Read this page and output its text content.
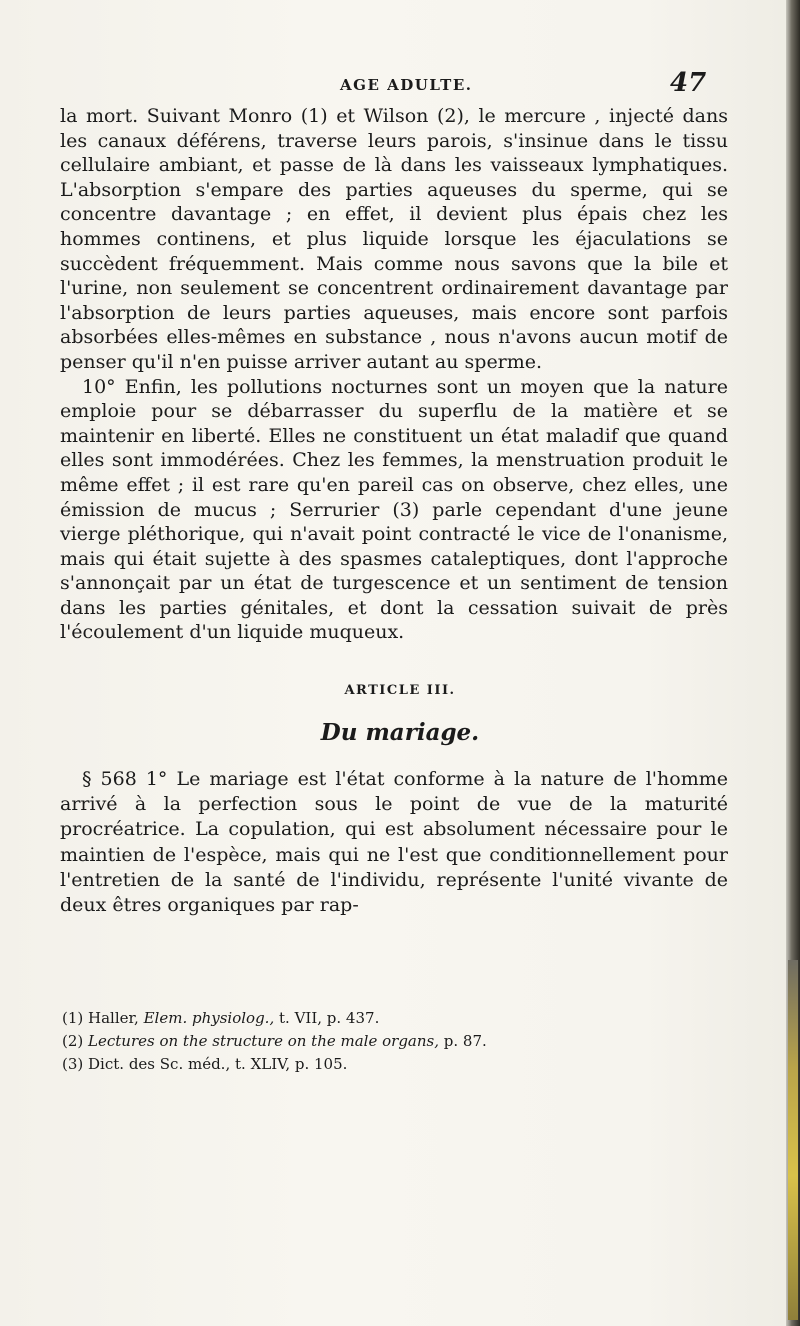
AGE ADULTE.	47

la mort. Suivant Monro (1) et Wilson (2), le mercure , injecté dans les canaux déférens, traverse leurs parois, s'insinue dans le tissu cellulaire ambiant, et passe de là dans les vaisseaux lymphatiques. L'absorption s'empare des parties aqueuses du sperme, qui se concentre davantage ; en effet, il devient plus épais chez les hommes continens, et plus liquide lorsque les éjaculations se succèdent fréquemment. Mais comme nous savons que la bile et l'urine, non seulement se concentrent ordinairement davantage par l'absorption de leurs parties aqueuses, mais encore sont parfois absorbées elles-mêmes en substance , nous n'avons aucun motif de penser qu'il n'en puisse arriver autant au sperme.

10° Enfin, les pollutions nocturnes sont un moyen que la nature emploie pour se débarrasser du superflu de la matière et se maintenir en liberté. Elles ne constituent un état maladif que quand elles sont immodérées. Chez les femmes, la menstruation produit le même effet ; il est rare qu'en pareil cas on observe, chez elles, une émission de mucus ; Serrurier (3) parle cependant d'une jeune vierge pléthorique, qui n'avait point contracté le vice de l'onanisme, mais qui était sujette à des spasmes cataleptiques, dont l'approche s'annonçait par un état de turgescence et un sentiment de tension dans les parties génitales, et dont la cessation suivait de près l'écoulement d'un liquide muqueux.

ARTICLE III.
Du mariage.

§ 568 1° Le mariage est l'état conforme à la nature de l'homme arrivé à la perfection sous le point de vue de la maturité procréatrice. La copulation, qui est absolument nécessaire pour le maintien de l'espèce, mais qui ne l'est que conditionnellement pour l'entretien de la santé de l'individu, représente l'unité vivante de deux êtres organiques par rap-

(1) Haller, Elem. physiolog., t. VII, p. 437.
(2) Lectures on the structure on the male organs, p. 87.
(3) Dict. des Sc. méd., t. XLIV, p. 105.
